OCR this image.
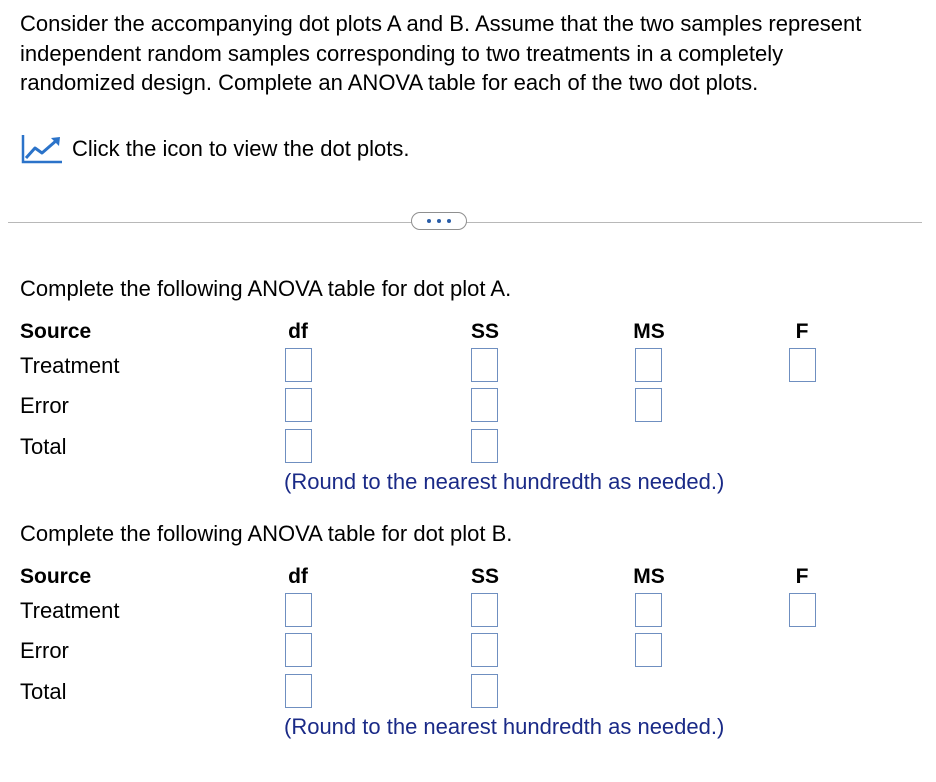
Consider the accompanying dot plots A and B. Assume that the two samples represent independent random samples corresponding to two treatments in a completely randomized design. Complete an ANOVA table for each of the two dot plots.

Click the icon to view the dot plots.

Complete the following ANOVA table for dot plot A.

Source	df	SS	MS	F
Treatment
Error
Total
(Round to the nearest hundredth as needed.)

Complete the following ANOVA table for dot plot B.

Source	df	SS	MS	F
Treatment
Error
Total
(Round to the nearest hundredth as needed.)
